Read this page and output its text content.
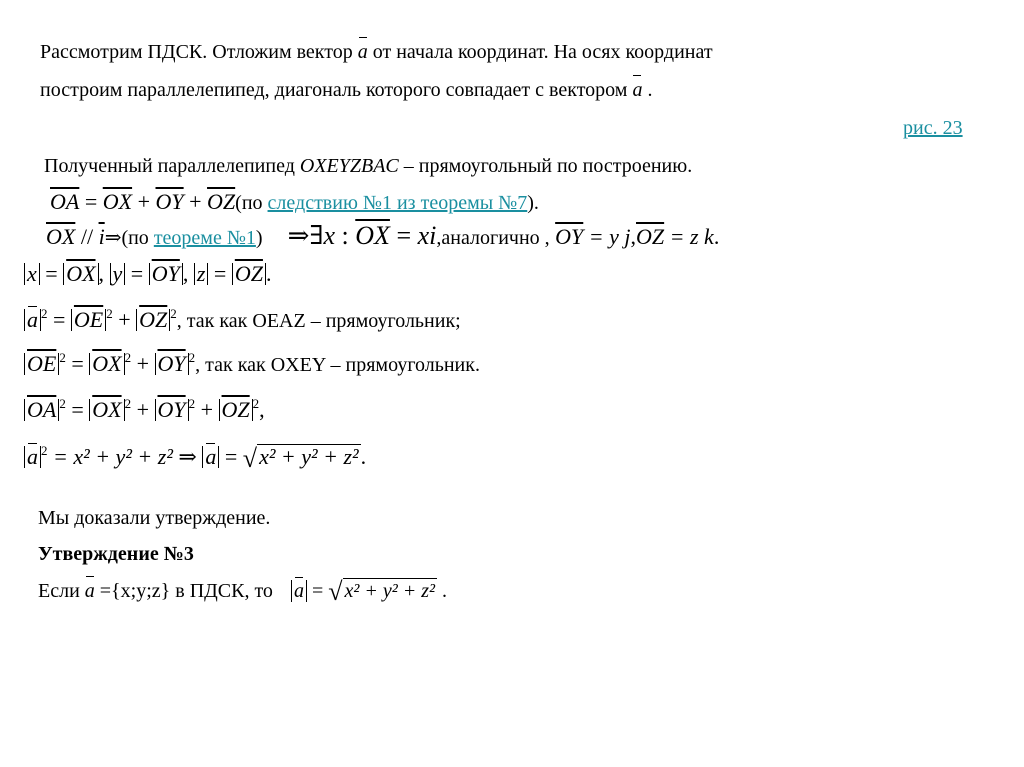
Рассмотрим ПДСК. Отложим вектор a от начала координат. На осях координат
построим параллелепипед, диагональ которого совпадает с вектором a .
рис. 23
Полученный параллелепипед OXEYZBAC – прямоугольный по построению.
$\overline{OA} = \overline{OX} + \overline{OY} + \overline{OZ}(по$ следствию №1 из теоремы №7).
$\overline{OX}$ // $\overline{i}\Rightarrow(по$ теореме №1) ⇒∃x : $\overline{OX}$ = xi,аналогично , $\overline{OY} = y$ $j,\overline{OZ} = z$ k.
$x = \overline{OX}$ , $y = \overline{OY}$ , $z = \overline{OZ}$ .
a $^2 = \overline{OE}$ $^2 + \overline{OZ}$ $^2$, так как OEAZ – прямоугольник;
$\overline{OE}$ $^2 = \overline{OX}$ $^2 + \overline{OY}$ $^2$, так как OXEY – прямоугольник.
$\overline{OA}$ $^2 = \overline{OX}$ $^2 + \overline{OY}$ $^2 + \overline{OZ}$ $^2$,
a $^2$ = x² + y² + z² ⇒ a = √x² + y² + z².
Мы доказали утверждение.
Утверждение №3
Если a ={x;y;z} в ПДСК, то  a = √ x² + y² + z² .
